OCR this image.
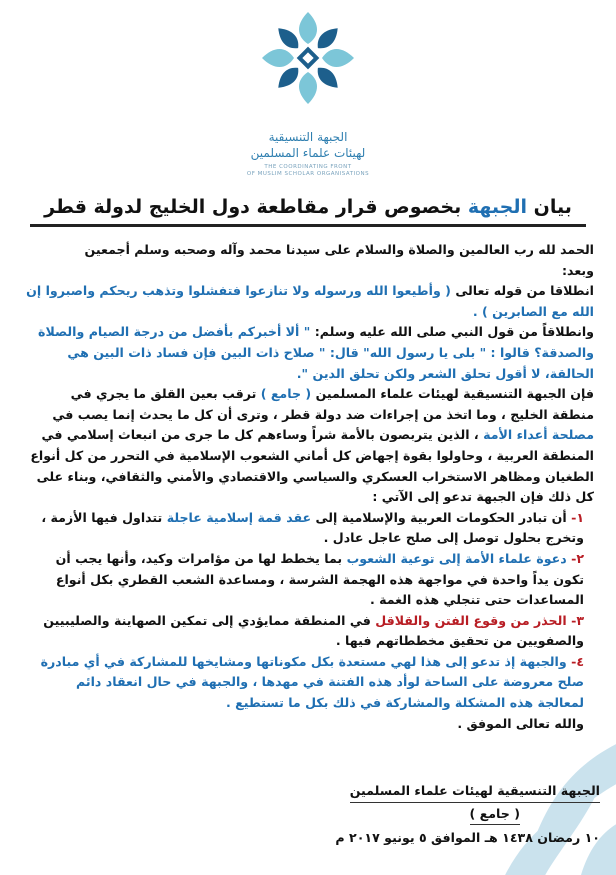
الجبهة التنسيقية
لهيئات علماء المسلمين
THE COORDINATING FRONT
OF MUSLIM SCHOLAR ORGANISATIONS
بيان الجبهة بخصوص قرار مقاطعة دول الخليج لدولة قطر

الحمد لله رب العالمين والصلاة والسلام على سيدنا محمد وآله وصحبه وسلم أجمعين

وبعد:

انطلاقا من قوله تعالى ( وأطيعوا الله ورسوله ولا تنازعوا فتفشلوا وتذهب ريحكم واصبروا إن الله مع الصابرين ) .

وانطلاقاً من قول النبي صلى الله عليه وسلم: " ألا أخبركم بأفضل من درجة الصيام والصلاة والصدقة؟ قالوا : " بلى يا رسول الله" قال: " صلاح ذات البين فإن فساد ذات البين هي الحالقة، لا أقول تحلق الشعر ولكن تحلق الدين ".

فإن الجبهة التنسيقية لهيئات علماء المسلمين ( جامع ) ترقب بعين القلق ما يجري في منطقة الخليج ، وما اتخذ من إجراءات ضد دولة قطر ، وترى أن كل ما يحدث إنما يصب في مصلحة أعداء الأمة ، الذين يتربصون بالأمة شراً وساءهم كل ما جرى من انبعاث إسلامي في المنطقة العربية ، وحاولوا بقوة إجهاض كل أماني الشعوب الإسلامية في التحرر من كل أنواع الطغيان ومظاهر الاستخراب العسكري والسياسي والاقتصادي والأمني والثقافي، وبناء على كل ذلك فإن الجبهة تدعو إلى الآتي :

١- أن تبادر الحكومات العربية والإسلامية إلى عقد قمة إسلامية عاجلة تتداول فيها الأزمة ، وتخرج بحلول توصل إلى صلح عاجل عادل .

٢- دعوة علماء الأمة إلى توعية الشعوب بما يخطط لها من مؤامرات وكيد، وأنها يجب أن تكون يداً واحدة في مواجهة هذه الهجمة الشرسة ، ومساعدة الشعب القطري بكل أنواع المساعدات حتى تنجلي هذه الغمة .

٣- الحذر من وقوع الفتن والقلاقل في المنطقة ممايؤدي إلى تمكين الصهاينة والصليبيين والصفويين من تحقيق مخططاتهم فيها .

٤- والجبهة إذ تدعو إلى هذا لهي مستعدة بكل مكوناتها ومشايخها للمشاركة في أي مبادرة صلح معروضة على الساحة لوأد هذه الفتنة في مهدها ، والجبهة في حال انعقاد دائم لمعالجة هذه المشكلة والمشاركة في ذلك بكل ما تستطيع .

والله تعالى الموفق .

الجبهة التنسيقية لهيئات علماء المسلمين
( جامع )
١٠ رمضان ١٤٣٨ هـ الموافق ٥ يونيو ٢٠١٧ م
